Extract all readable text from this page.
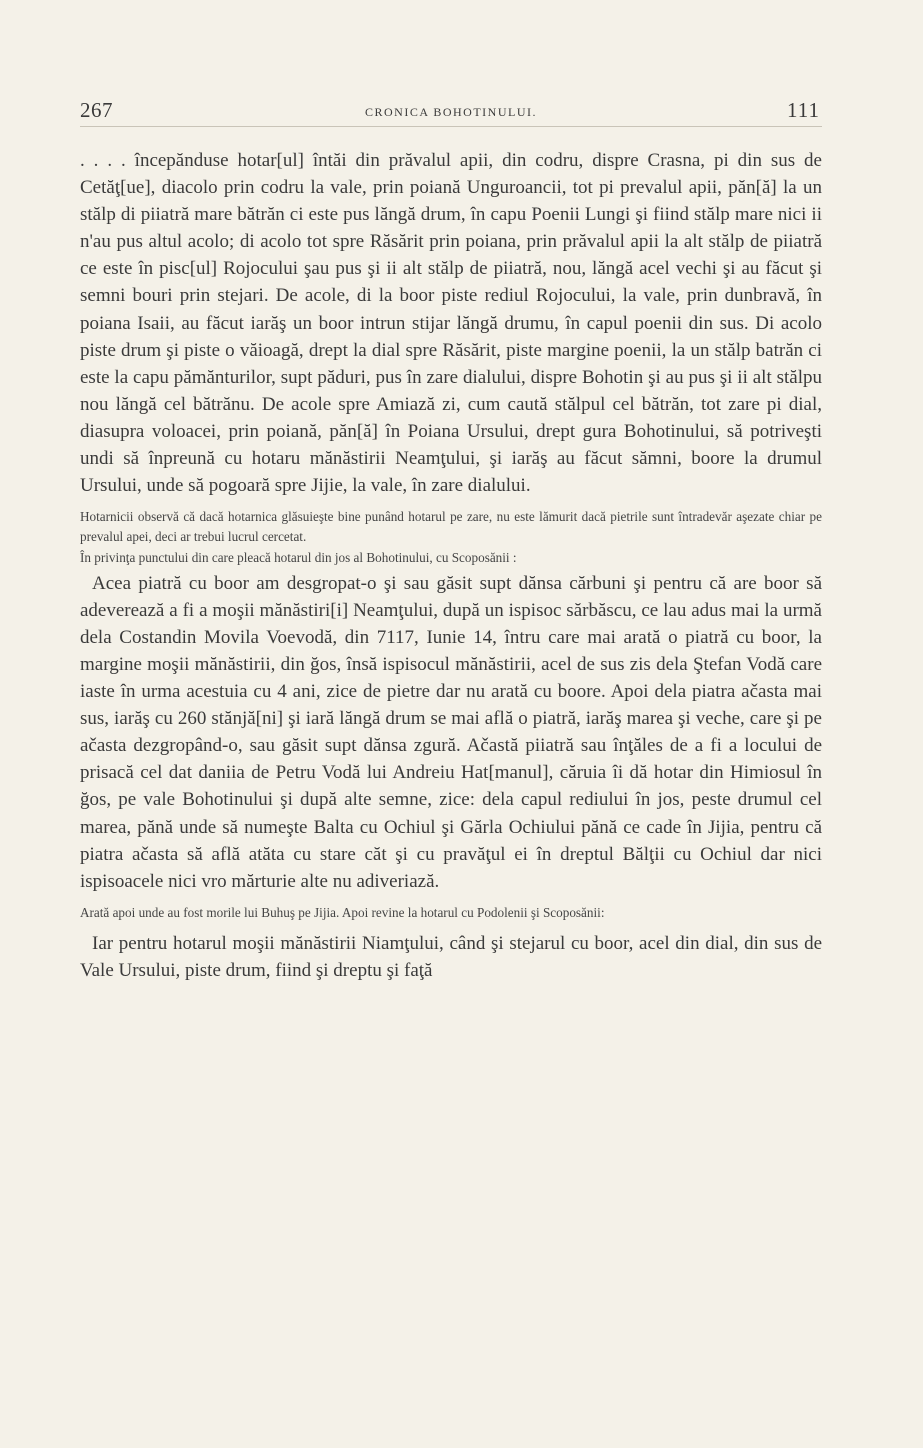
267	CRONICA BOHOTINULUI.	111

. . . . începănduse hotar[ul] întăi din prăvalul apii, din codru, dispre Crasna, pi din sus de Cetăţ[ue], diacolo prin codru la vale, prin poiană Unguroancii, tot pi prevalul apii, păn[ă] la un stălp di piiatră mare bătrăn ci este pus lăngă drum, în capu Poenii Lungi şi fiind stălp mare nici ii n'au pus altul acolo; di acolo tot spre Răsărit prin poiana, prin prăvalul apii la alt stălp de piiatră ce este în pisc[ul] Rojocului şau pus şi ii alt stălp de piiatră, nou, lăngă acel vechi şi au făcut şi semni bouri prin stejari. De acole, di la boor piste rediul Rojocului, la vale, prin dunbravă, în poiana Isaii, au făcut iarăş un boor intrun stijar lăngă drumu, în capul poenii din sus. Di acolo piste drum şi piste o văioagă, drept la dial spre Răsărit, piste margine poenii, la un stălp batrăn ci este la capu pămănturilor, supt păduri, pus în zare dialului, dispre Bohotin şi au pus şi ii alt stălpu nou lăngă cel bătrănu. De acole spre Amiază zi, cum caută stălpul cel bătrăn, tot zare pi dial, diasupra voloacei, prin poiană, păn[ă] în Poiana Ursului, drept gura Bohotinului, să potriveşti undi să înpreună cu hotaru mănăstirii Neamţului, şi iarăş au făcut sămni, boore la drumul Ursului, unde să pogoară spre Jijie, la vale, în zare dialului.

Hotarnicii observă că dacă hotarnica glăsuieşte bine punând hotarul pe zare, nu este lămurit dacă pietrile sunt întradevăr aşezate chiar pe prevalul apei, deci ar trebui lucrul cercetat.

În privinţa punctului din care pleacă hotarul din jos al Bohotinului, cu Scoposănii :

Acea piatră cu boor am desgropat-o şi sau găsit supt dănsa cărbuni şi pentru că are boor să adeverează a fi a moşii mănăstiri[i] Neamţului, după un ispisoc sărbăscu, ce lau adus mai la urmă dela Costandin Movila Voevodă, din 7117, Iunie 14, întru care mai arată o piatră cu boor, la margine moşii mănăstirii, din ğos, însă ispisocul mănăstirii, acel de sus zis dela Ştefan Vodă care iaste în urma acestuia cu 4 ani, zice de pietre dar nu arată cu boore. Apoi dela piatra ačasta mai sus, iarăş cu 260 stănjă[ni] şi iară lăngă drum se mai află o piatră, iarăş marea şi veche, care şi pe ačasta dezgropând-o, sau găsit supt dănsa zgură. Ačastă piiatră sau înţăles de a fi a locului de prisacă cel dat daniia de Petru Vodă lui Andreiu Hat[manul], căruia îi dă hotar din Himiosul în ğos, pe vale Bohotinului şi după alte semne, zice: dela capul rediului în jos, peste drumul cel marea, pănă unde să numeşte Balta cu Ochiul şi Gărla Ochiului pănă ce cade în Jijia, pentru că piatra ačasta să află atăta cu stare căt şi cu pravăţul ei în dreptul Bălţii cu Ochiul dar nici ispisoacele nici vro mărturie alte nu adiveriază.

Arată apoi unde au fost morile lui Buhuş pe Jijia. Apoi revine la hotarul cu Podolenii şi Scoposănii:

Iar pentru hotarul moşii mănăstirii Niamţului, când şi stejarul cu boor, acel din dial, din sus de Vale Ursului, piste drum, fiind şi dreptu şi faţă
